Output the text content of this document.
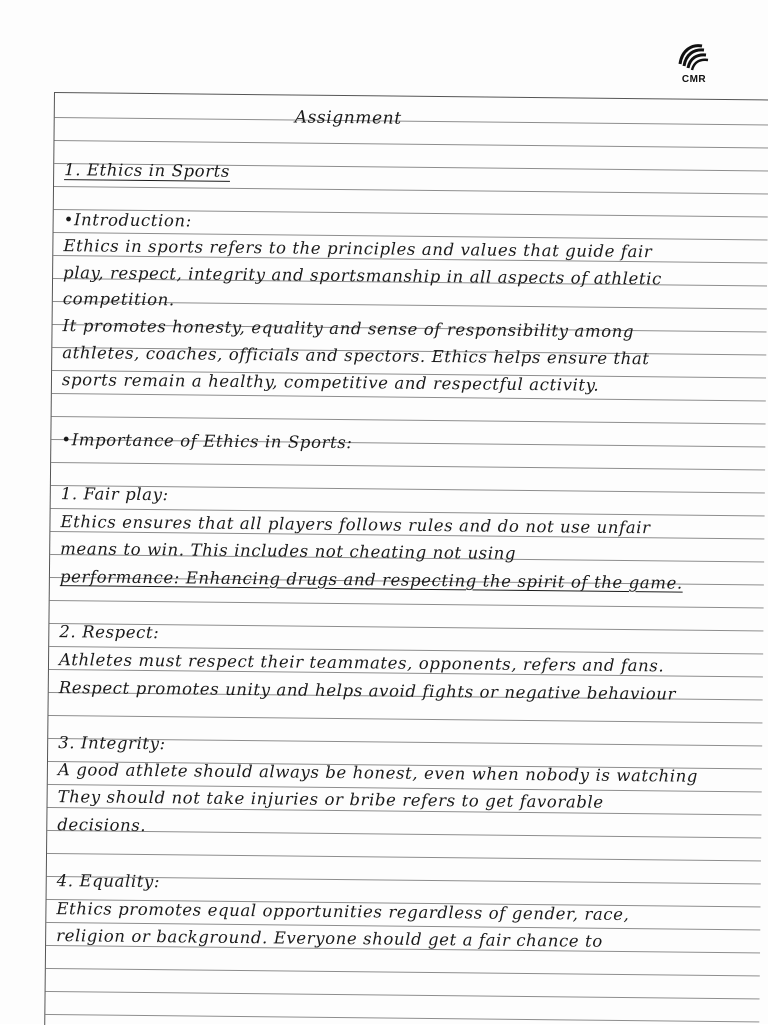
CMR
Assignment
1. Ethics in Sports
•Introduction:
Ethics in sports refers to the principles and values that guide fair
play, respect, integrity and sportsmanship in all aspects of athletic
competition.
It promotes honesty, equality and sense of responsibility among
athletes, coaches, officials and spectors. Ethics helps ensure that
sports remain a healthy, competitive and respectful activity.
•Importance of Ethics in Sports:
1. Fair play:
Ethics ensures that all players follows rules and do not use unfair
means to win. This includes not cheating not using
performance: Enhancing drugs and respecting the spirit of the game.
2. Respect:
Athletes must respect their teammates, opponents, refers and fans.
Respect promotes unity and helps avoid fights or negative behaviour
3. Integrity:
A good athlete should always be honest, even when nobody is watching
They should not take injuries or bribe refers to get favorable
decisions.
4. Equality:
Ethics promotes equal opportunities regardless of gender, race,
religion or background. Everyone should get a fair chance to
